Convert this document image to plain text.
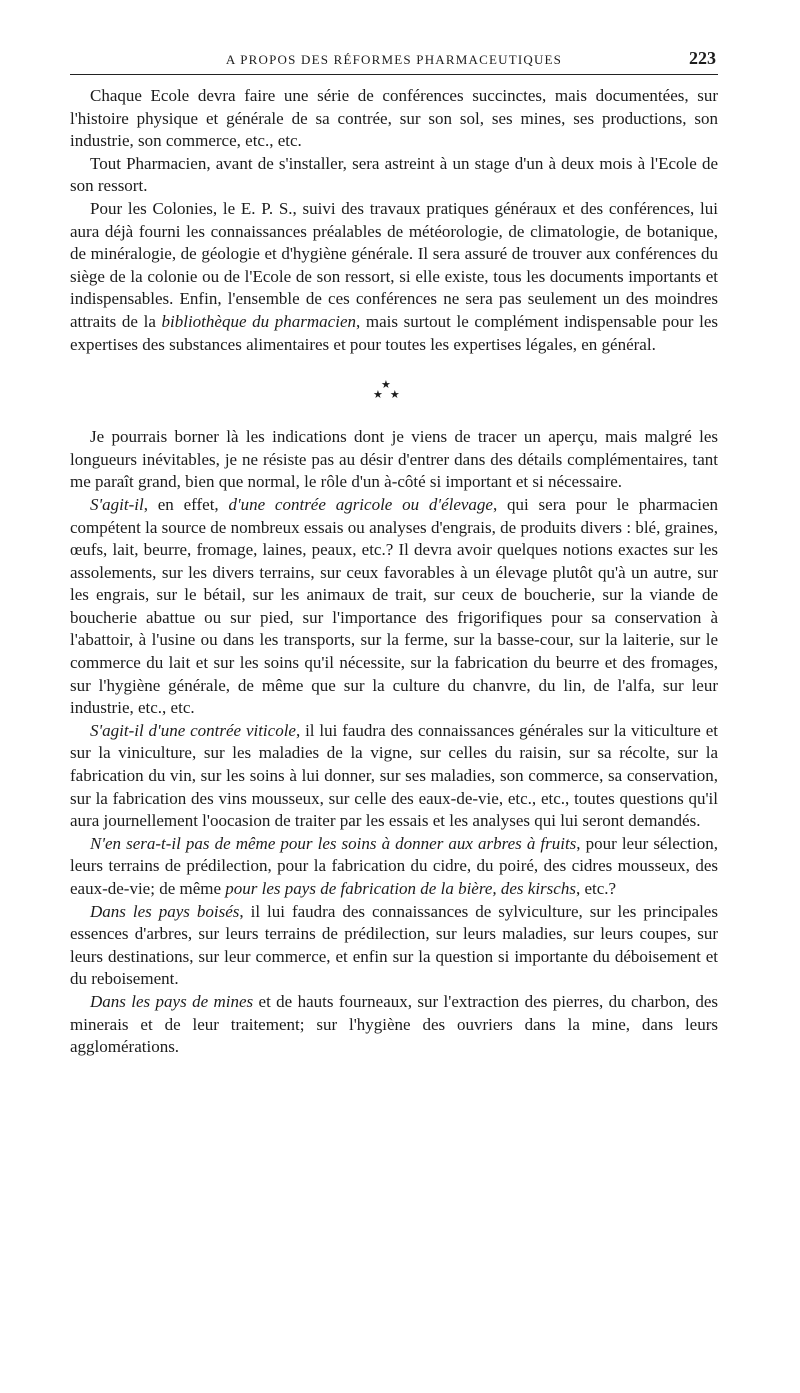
A PROPOS DES RÉFORMES PHARMACEUTIQUES	223

Chaque Ecole devra faire une série de conférences succinctes, mais documentées, sur l'histoire physique et générale de sa contrée, sur son sol, ses mines, ses productions, son industrie, son commerce, etc., etc.

Tout Pharmacien, avant de s'installer, sera astreint à un stage d'un à deux mois à l'Ecole de son ressort.

Pour les Colonies, le E. P. S., suivi des travaux pratiques généraux et des conférences, lui aura déjà fourni les connaissances préalables de météorologie, de climatologie, de botanique, de minéralogie, de géologie et d'hygiène générale. Il sera assuré de trouver aux conférences du siège de la colonie ou de l'Ecole de son ressort, si elle existe, tous les documents importants et indispensables. Enfin, l'ensemble de ces conférences ne sera pas seulement un des moindres attraits de la bibliothèque du pharmacien, mais surtout le complément indispensable pour les expertises des substances alimentaires et pour toutes les expertises légales, en général.

★
★★

Je pourrais borner là les indications dont je viens de tracer un aperçu, mais malgré les longueurs inévitables, je ne résiste pas au désir d'entrer dans des détails complémentaires, tant me paraît grand, bien que normal, le rôle d'un à-côté si important et si nécessaire.

S'agit-il, en effet, d'une contrée agricole ou d'élevage, qui sera pour le pharmacien compétent la source de nombreux essais ou analyses d'engrais, de produits divers : blé, graines, œufs, lait, beurre, fromage, laines, peaux, etc.? Il devra avoir quelques notions exactes sur les assolements, sur les divers terrains, sur ceux favorables à un élevage plutôt qu'à un autre, sur les engrais, sur le bétail, sur les animaux de trait, sur ceux de boucherie, sur la viande de boucherie abattue ou sur pied, sur l'importance des frigorifiques pour sa conservation à l'abattoir, à l'usine ou dans les transports, sur la ferme, sur la basse-cour, sur la laiterie, sur le commerce du lait et sur les soins qu'il nécessite, sur la fabrication du beurre et des fromages, sur l'hygiène générale, de même que sur la culture du chanvre, du lin, de l'alfa, sur leur industrie, etc., etc.

S'agit-il d'une contrée viticole, il lui faudra des connaissances générales sur la viticulture et sur la viniculture, sur les maladies de la vigne, sur celles du raisin, sur sa récolte, sur la fabrication du vin, sur les soins à lui donner, sur ses maladies, son commerce, sa conservation, sur la fabrication des vins mousseux, sur celle des eaux-de-vie, etc., etc., toutes questions qu'il aura journellement l'oocasion de traiter par les essais et les analyses qui lui seront demandés.

N'en sera-t-il pas de même pour les soins à donner aux arbres à fruits, pour leur sélection, leurs terrains de prédilection, pour la fabrication du cidre, du poiré, des cidres mousseux, des eaux-de-vie; de même pour les pays de fabrication de la bière, des kirschs, etc.?

Dans les pays boisés, il lui faudra des connaissances de sylviculture, sur les principales essences d'arbres, sur leurs terrains de prédilection, sur leurs maladies, sur leurs coupes, sur leurs destinations, sur leur commerce, et enfin sur la question si importante du déboisement et du reboisement.

Dans les pays de mines et de hauts fourneaux, sur l'extraction des pierres, du charbon, des minerais et de leur traitement; sur l'hygiène des ouvriers dans la mine, dans leurs agglomérations.
